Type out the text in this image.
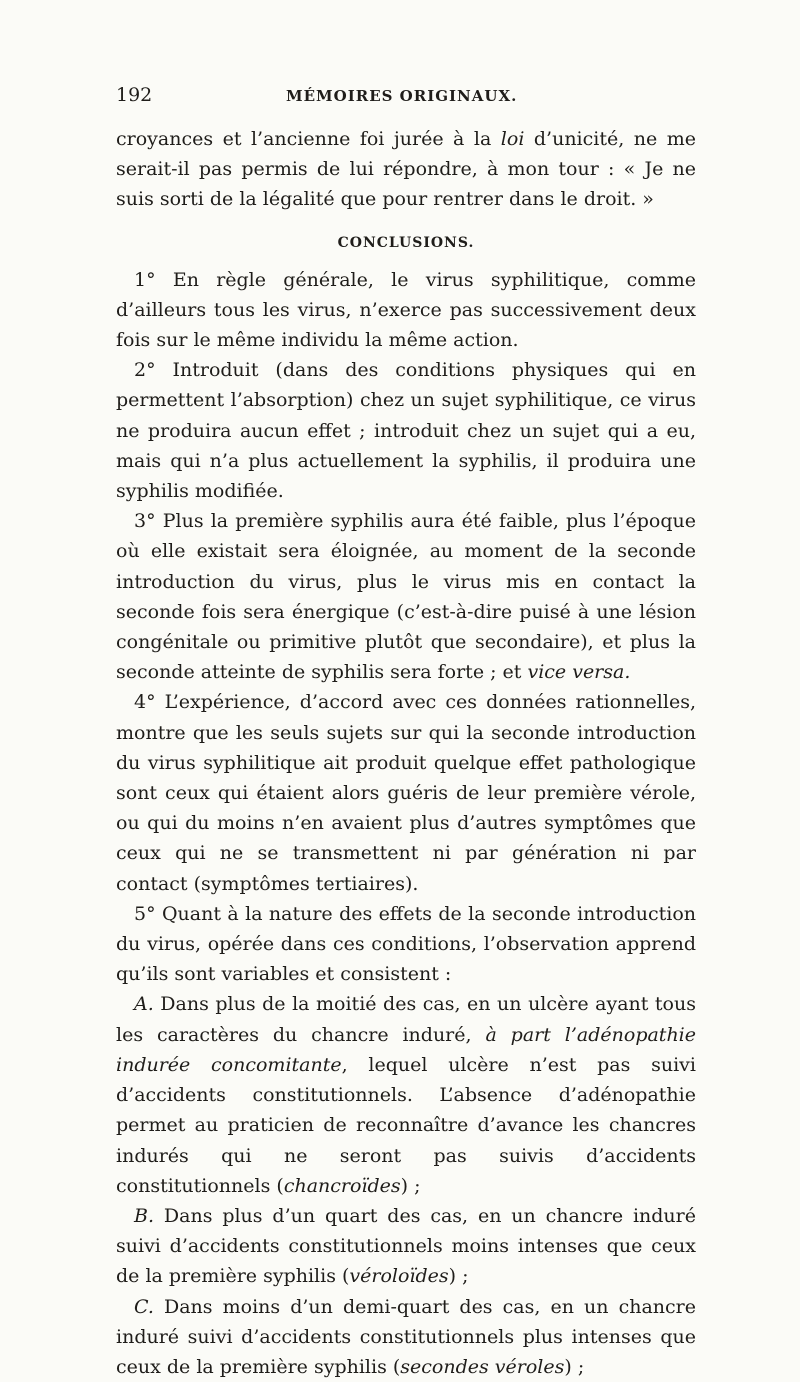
192	MÉMOIRES ORIGINAUX.

croyances et l’ancienne foi jurée à la loi d’unicité, ne me serait-il pas permis de lui répondre, à mon tour : « Je ne suis sorti de la légalité que pour rentrer dans le droit. »

CONCLUSIONS.

1° En règle générale, le virus syphilitique, comme d’ailleurs tous les virus, n’exerce pas successivement deux fois sur le même individu la même action.

2° Introduit (dans des conditions physiques qui en permettent l’absorption) chez un sujet syphilitique, ce virus ne produira aucun effet ; introduit chez un sujet qui a eu, mais qui n’a plus actuellement la syphilis, il produira une syphilis modifiée.

3° Plus la première syphilis aura été faible, plus l’époque où elle existait sera éloignée, au moment de la seconde introduction du virus, plus le virus mis en contact la seconde fois sera énergique (c’est-à-dire puisé à une lésion congénitale ou primitive plutôt que secondaire), et plus la seconde atteinte de syphilis sera forte ; et vice versa.

4° L’expérience, d’accord avec ces données rationnelles, montre que les seuls sujets sur qui la seconde introduction du virus syphilitique ait produit quelque effet pathologique sont ceux qui étaient alors guéris de leur première vérole, ou qui du moins n’en avaient plus d’autres symptômes que ceux qui ne se transmettent ni par génération ni par contact (symptômes tertiaires).

5° Quant à la nature des effets de la seconde introduction du virus, opérée dans ces conditions, l’observation apprend qu’ils sont variables et consistent :

A. Dans plus de la moitié des cas, en un ulcère ayant tous les caractères du chancre induré, à part l’adénopathie indurée concomitante, lequel ulcère n’est pas suivi d’accidents constitutionnels. L’absence d’adénopathie permet au praticien de reconnaître d’avance les chancres indurés qui ne seront pas suivis d’accidents constitutionnels (chancroïdes) ;

B. Dans plus d’un quart des cas, en un chancre induré suivi d’accidents constitutionnels moins intenses que ceux de la première syphilis (véroloïdes) ;

C. Dans moins d’un demi-quart des cas, en un chancre induré suivi d’accidents constitutionnels plus intenses que ceux de la première syphilis (secondes véroles) ;
